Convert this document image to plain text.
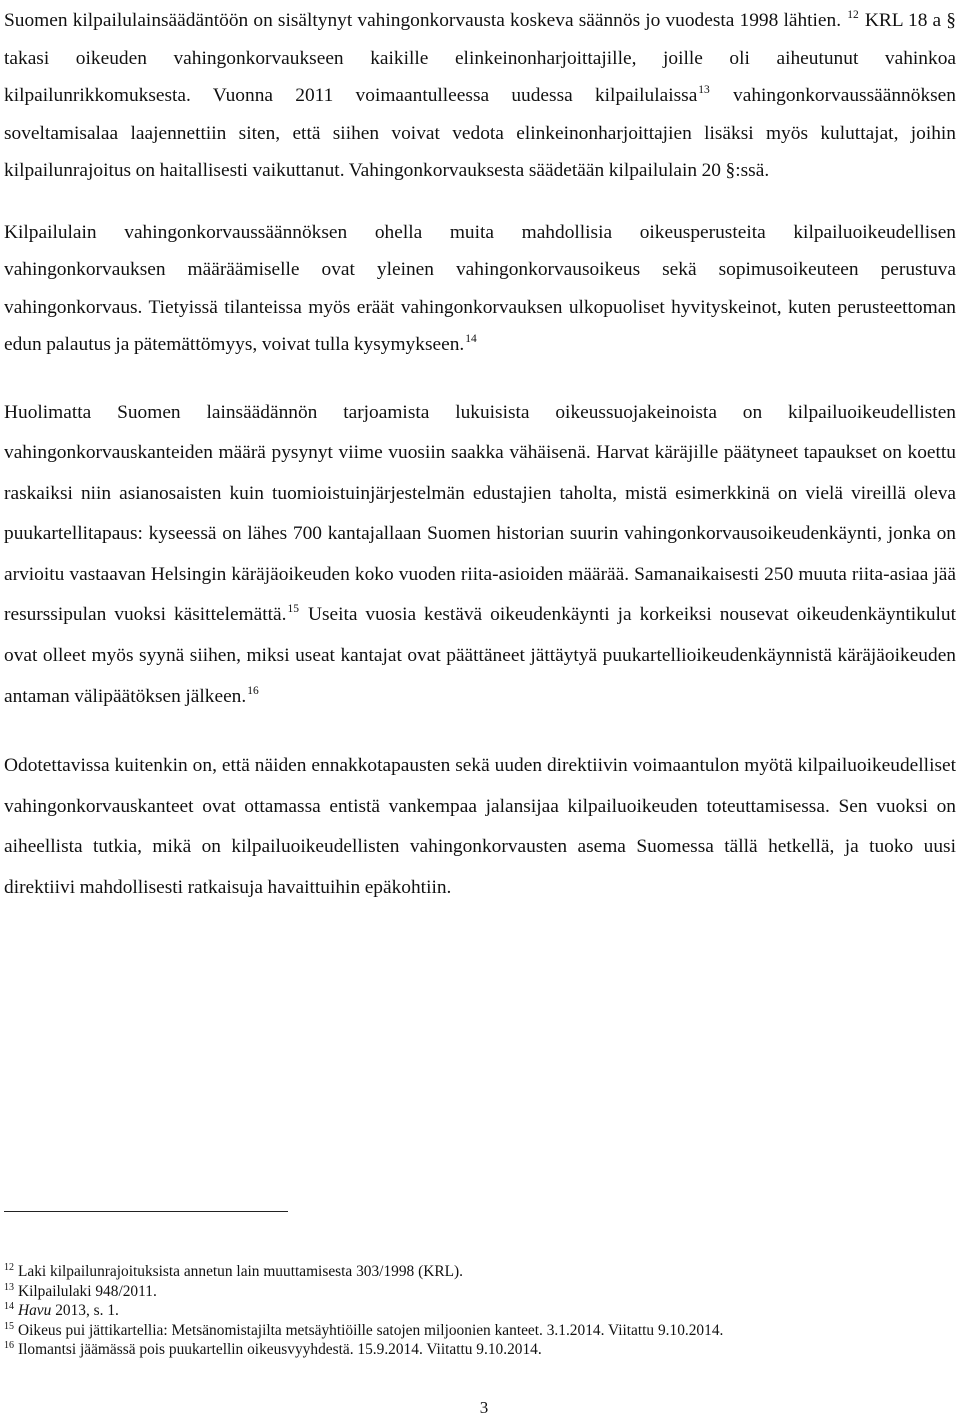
Suomen kilpailulainsäädäntöön on sisältynyt vahingonkorvausta koskeva säännös jo vuodesta 1998 lähtien. $^{12}$ KRL 18 a § takasi oikeuden vahingonkorvaukseen kaikille elinkeinonharjoittajille, joille oli aiheutunut vahinkoa kilpailunrikkomuksesta. Vuonna 2011 voimaantulleessa uudessa kilpailulaissa$^{13}$ vahingonkorvaussäännöksen soveltamisalaa laajennettiin siten, että siihen voivat vedota elinkeinonharjoittajien lisäksi myös kuluttajat, joihin kilpailunrajoitus on haitallisesti vaikuttanut. Vahingonkorvauksesta säädetään kilpailulain 20 §:ssä.

Kilpailulain vahingonkorvaussäännöksen ohella muita mahdollisia oikeusperusteita kilpailuoikeudellisen vahingonkorvauksen määräämiselle ovat yleinen vahingonkorvausoikeus sekä sopimusoikeuteen perustuva vahingonkorvaus. Tietyissä tilanteissa myös eräät vahingonkorvauksen ulkopuoliset hyvityskeinot, kuten perusteettoman edun palautus ja pätemättömyys, voivat tulla kysymykseen.$^{14}$

Huolimatta Suomen lainsäädännön tarjoamista lukuisista oikeussuojakeinoista on kilpailuoikeudellisten vahingonkorvauskanteiden määrä pysynyt viime vuosiin saakka vähäisenä. Harvat käräjille päätyneet tapaukset on koettu raskaiksi niin asianosaisten kuin tuomioistuinjärjestelmän edustajien taholta, mistä esimerkkinä on vielä vireillä oleva puukartellitapaus: kyseessä on lähes 700 kantajallaan Suomen historian suurin vahingonkorvausoikeudenkäynti, jonka on arvioitu vastaavan Helsingin käräjäoikeuden koko vuoden riita-asioiden määrää. Samanaikaisesti 250 muuta riita-asiaa jää resurssipulan vuoksi käsittelemättä.$^{15}$ Useita vuosia kestävä oikeudenkäynti ja korkeiksi nousevat oikeudenkäyntikulut ovat olleet myös syynä siihen, miksi useat kantajat ovat päättäneet jättäytyä puukartellioikeudenkäynnistä käräjäoikeuden antaman välipäätöksen jälkeen.$^{16}$

Odotettavissa kuitenkin on, että näiden ennakkotapausten sekä uuden direktiivin voimaantulon myötä kilpailuoikeudelliset vahingonkorvauskanteet ovat ottamassa entistä vankempaa jalansijaa kilpailuoikeuden toteuttamisessa. Sen vuoksi on aiheellista tutkia, mikä on kilpailuoikeudellisten vahingonkorvausten asema Suomessa tällä hetkellä, ja tuoko uusi direktiivi mahdollisesti ratkaisuja havaittuihin epäkohtiin.

$^{12}$ Laki kilpailunrajoituksista annetun lain muuttamisesta 303/1998 (KRL).
$^{13}$ Kilpailulaki 948/2011.
$^{14}$ Havu 2013, s. 1.
$^{15}$ Oikeus pui jättikartellia: Metsänomistajilta metsäyhtiöille satojen miljoonien kanteet. 3.1.2014. Viitattu 9.10.2014.
$^{16}$ Ilomantsi jäämässä pois puukartellin oikeusvyyhdestä. 15.9.2014. Viitattu 9.10.2014.
3
